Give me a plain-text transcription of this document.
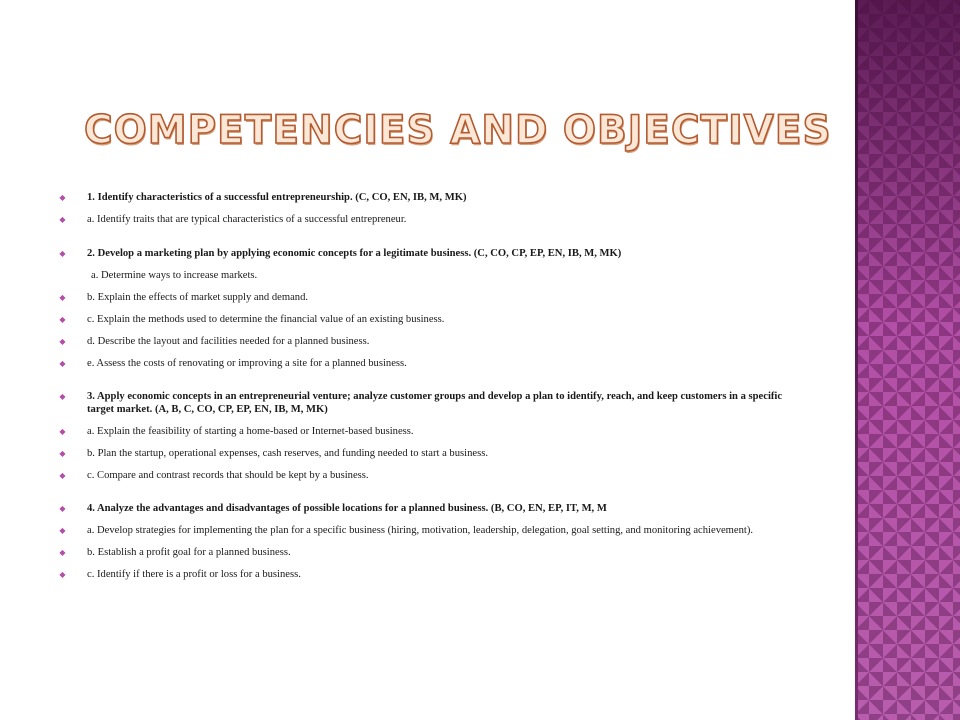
COMPETENCIES AND OBJECTIVES
◆ 1. Identify characteristics of a successful entrepreneurship. (C, CO, EN, IB, M, MK)
◆ a. Identify traits that are typical characteristics of a successful entrepreneur.
◆ 2. Develop a marketing plan by applying economic concepts for a legitimate business. (C, CO, CP, EP, EN, IB, M, MK)
a. Determine ways to increase markets.
◆ b. Explain the effects of market supply and demand.
◆ c. Explain the methods used to determine the financial value of an existing business.
◆ d. Describe the layout and facilities needed for a planned business.
◆ e. Assess the costs of renovating or improving a site for a planned business.
◆ 3. Apply economic concepts in an entrepreneurial venture; analyze customer groups and develop a plan to identify, reach, and keep customers in a specific target market. (A, B, C, CO, CP, EP, EN, IB, M, MK)
◆ a. Explain the feasibility of starting a home-based or Internet-based business.
◆ b. Plan the startup, operational expenses, cash reserves, and funding needed to start a business.
◆ c. Compare and contrast records that should be kept by a business.
◆ 4. Analyze the advantages and disadvantages of possible locations for a planned business. (B, CO, EN, EP, IT, M, M
◆ a. Develop strategies for implementing the plan for a specific business (hiring, motivation, leadership, delegation, goal setting, and monitoring achievement).
◆ b. Establish a profit goal for a planned business.
◆ c. Identify if there is a profit or loss for a business.
